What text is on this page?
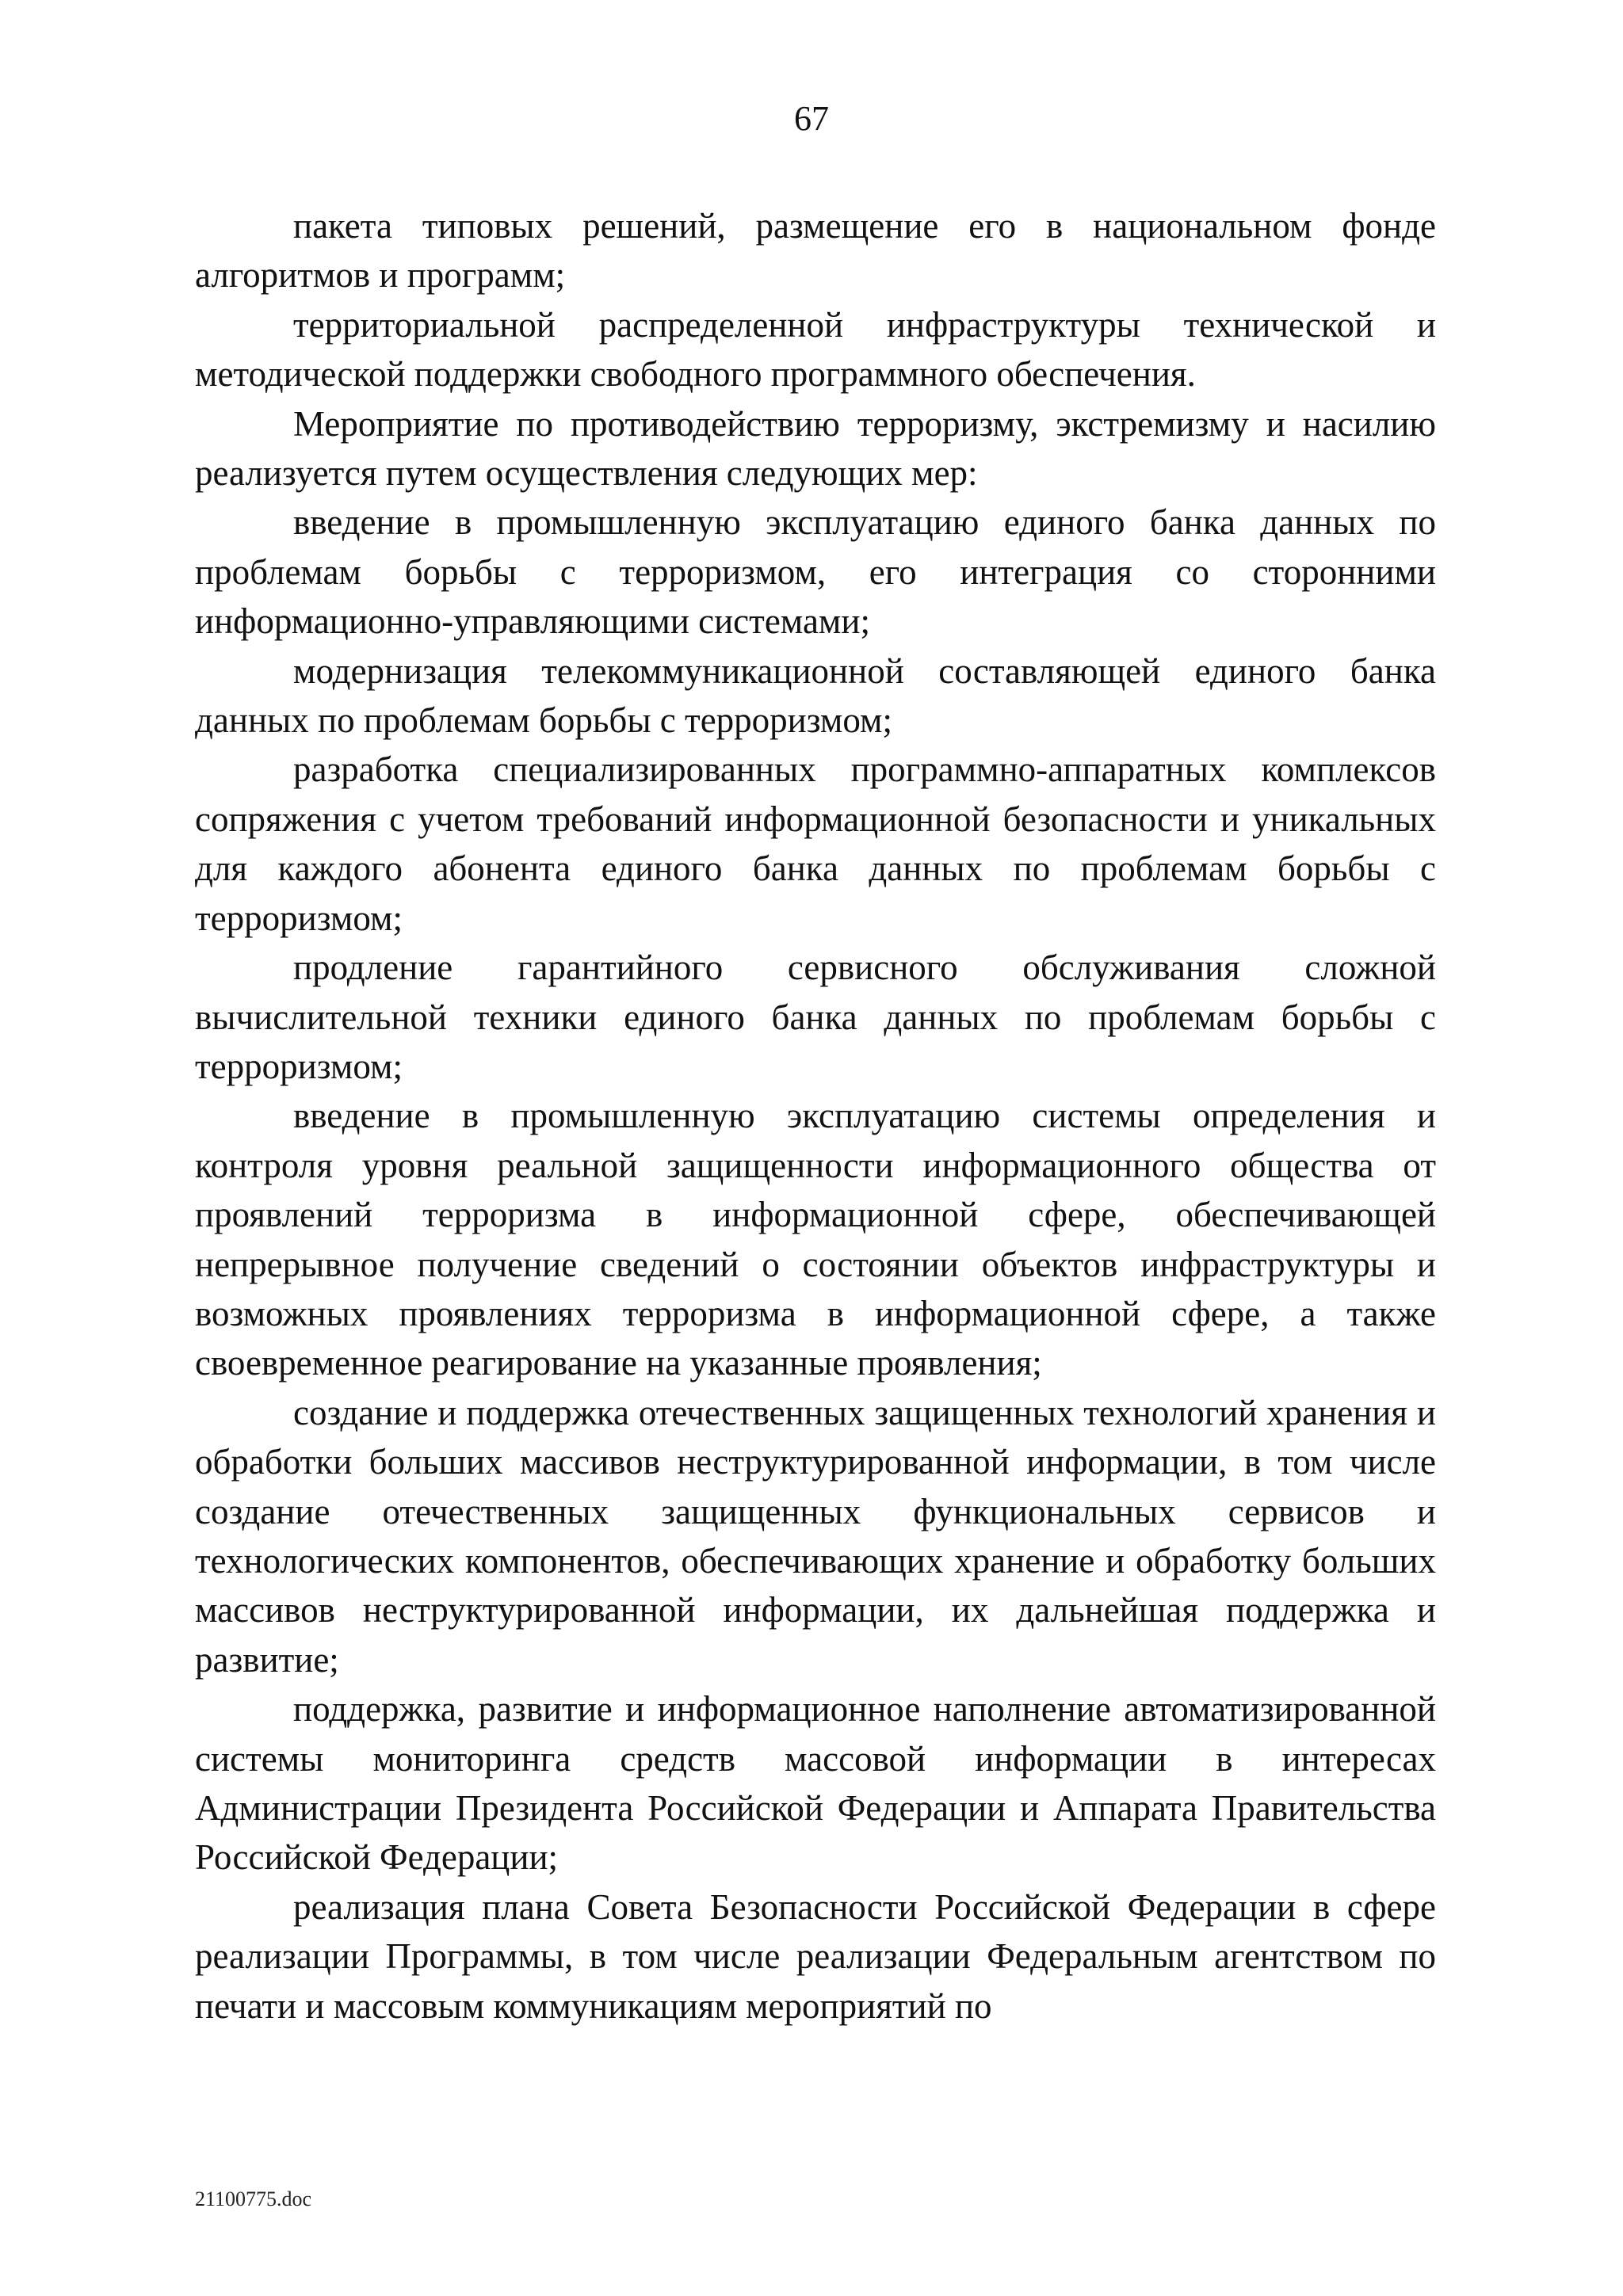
67

пакета типовых решений, размещение его в национальном фонде алгоритмов и программ;

территориальной распределенной инфраструктуры технической и методической поддержки свободного программного обеспечения.

Мероприятие по противодействию терроризму, экстремизму и насилию реализуется путем осуществления следующих мер:

введение в промышленную эксплуатацию единого банка данных по проблемам борьбы с терроризмом, его интеграция со сторонними информационно-управляющими системами;

модернизация телекоммуникационной составляющей единого банка данных по проблемам борьбы с терроризмом;

разработка специализированных программно-аппаратных комплексов сопряжения с учетом требований информационной безопасности и уникальных для каждого абонента единого банка данных по проблемам борьбы с терроризмом;

продление гарантийного сервисного обслуживания сложной вычислительной техники единого банка данных по проблемам борьбы с терроризмом;

введение в промышленную эксплуатацию системы определения и контроля уровня реальной защищенности информационного общества от проявлений терроризма в информационной сфере, обеспечивающей непрерывное получение сведений о состоянии объектов инфраструктуры и возможных проявлениях терроризма в информационной сфере, а также своевременное реагирование на указанные проявления;

создание и поддержка отечественных защищенных технологий хранения и обработки больших массивов неструктурированной информации, в том числе создание отечественных защищенных функциональных сервисов и технологических компонентов, обеспечивающих хранение и обработку больших массивов неструктурированной информации, их дальнейшая поддержка и развитие;

поддержка, развитие и информационное наполнение автоматизированной системы мониторинга средств массовой информации в интересах Администрации Президента Российской Федерации и Аппарата Правительства Российской Федерации;

реализация плана Совета Безопасности Российской Федерации в сфере реализации Программы, в том числе реализации Федеральным агентством по печати и массовым коммуникациям мероприятий по

21100775.doc
